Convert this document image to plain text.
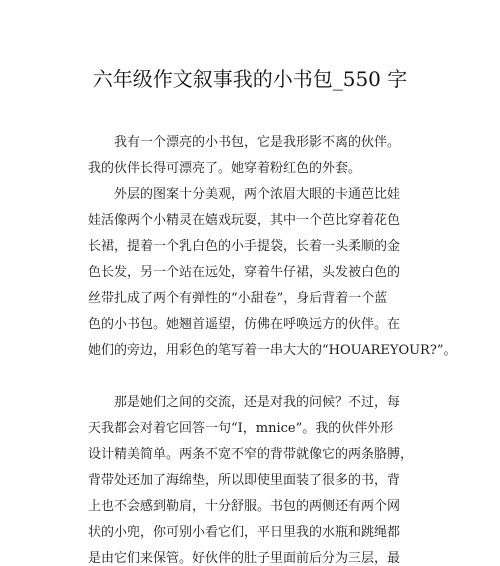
六年级作文叙事我的小书包_550 字
　　我有一个漂亮的小书包，它是我形影不离的伙伴。
我的伙伴长得可漂亮了。她穿着粉红色的外套。
　　外层的图案十分美观，两个浓眉大眼的卡通芭比娃
娃活像两个小精灵在嬉戏玩耍，其中一个芭比穿着花色
长裙，提着一个乳白色的小手提袋，长着一头柔顺的金
色长发，另一个站在远处，穿着牛仔裙，头发被白色的
丝带扎成了两个有弹性的“小甜卷”，身后背着一个蓝
色的小书包。她翘首遥望，仿佛在呼唤远方的伙伴。在
她们的旁边，用彩色的笔写着一串大大的“HOUAREYOUR?”。
　　那是她们之间的交流，还是对我的问候？不过，每
天我都会对着它回答一句“I，mnice”。我的伙伴外形
设计精美简单。两条不宽不窄的背带就像它的两条胳膊，
背带处还加了海绵垫，所以即使里面装了很多的书，背
上也不会感到勒肩，十分舒服。书包的两侧还有两个网
状的小兜，你可别小看它们，平日里我的水瓶和跳绳都
是由它们来保管。好伙伴的肚子里面前后分为三层，最
